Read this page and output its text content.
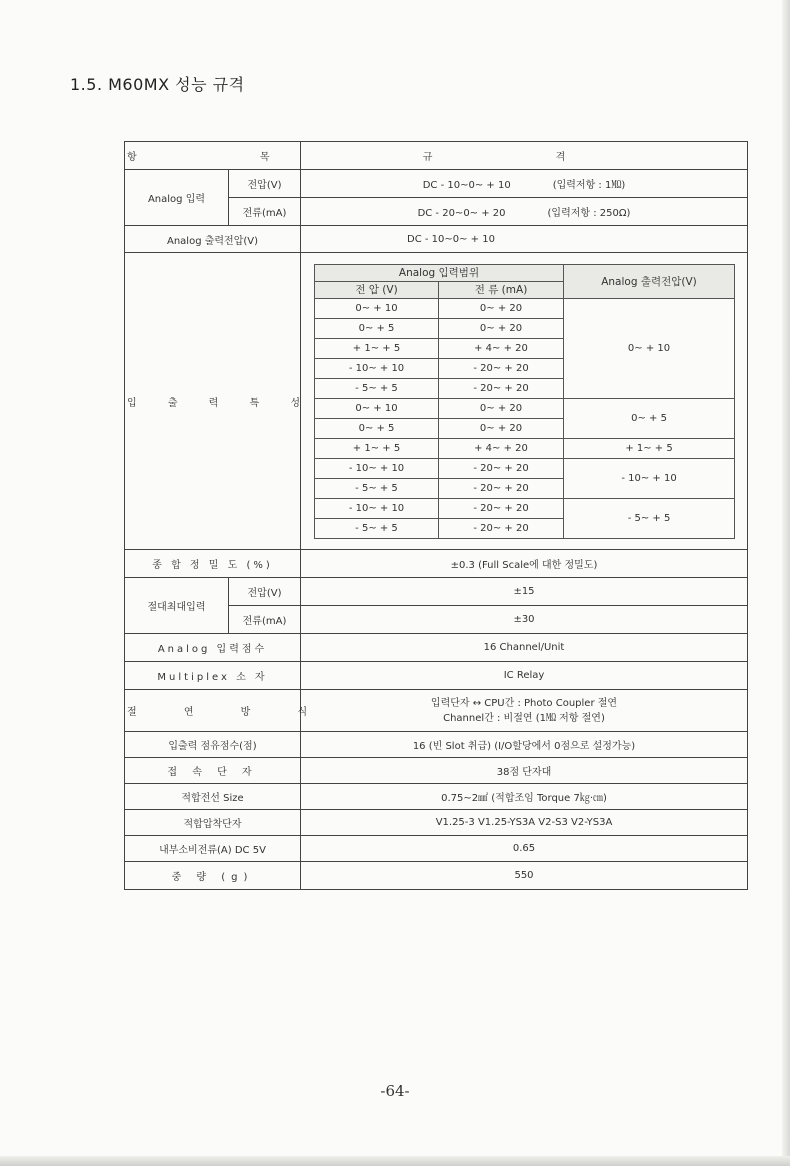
1.5. M60MX 성능 규격
항 목	규 격
Analog 입력	전압(V)	DC - 10~0~ + 10	(입력저항 : 1㏁)
전류(mA)	DC - 20~0~ + 20	(입력저항 : 250Ω)
Analog 출력전압(V)	DC - 10~0~ + 10
입 출 력 특 성	
Analog 입력범위	Analog 출력전압(V)
전 압 (V)	전 류 (mA)
0~ + 10	0~ + 20	0~ + 10
0~ + 5	0~ + 20
+ 1~ + 5	+ 4~ + 20
- 10~ + 10	- 20~ + 20
- 5~ + 5	- 20~ + 20
0~ + 10	0~ + 20	0~ + 5
0~ + 5	0~ + 20
+ 1~ + 5	+ 4~ + 20	+ 1~ + 5
- 10~ + 10	- 20~ + 20	- 10~ + 10
- 5~ + 5	- 20~ + 20
- 10~ + 10	- 20~ + 20	- 5~ + 5
- 5~ + 5	- 20~ + 20

종 합 정 밀 도 (%)	±0.3 (Full Scale에 대한 정밀도)
절대최대입력	전압(V)	±15
전류(mA)	±30
Analog 입력점수	16 Channel/Unit
Multiplex 소 자	IC Relay
절 연 방 식	
입력단자 ↔ CPU간 : Photo Coupler 절연
Channel간 : 비절연 (1㏁ 저항 절연)

입출력 점유점수(점)	16 (빈 Slot 취급) (I/O할당에서 0점으로 설정가능)
접 속 단 자	38점 단자대
적합전선 Size	0.75~2㎟ (적합조임 Torque 7㎏·㎝)
적합압착단자	V1.25-3 V1.25-YS3A V2-S3 V2-YS3A
내부소비전류(A) DC 5V	0.65
중 량 (g)	550
-64-
